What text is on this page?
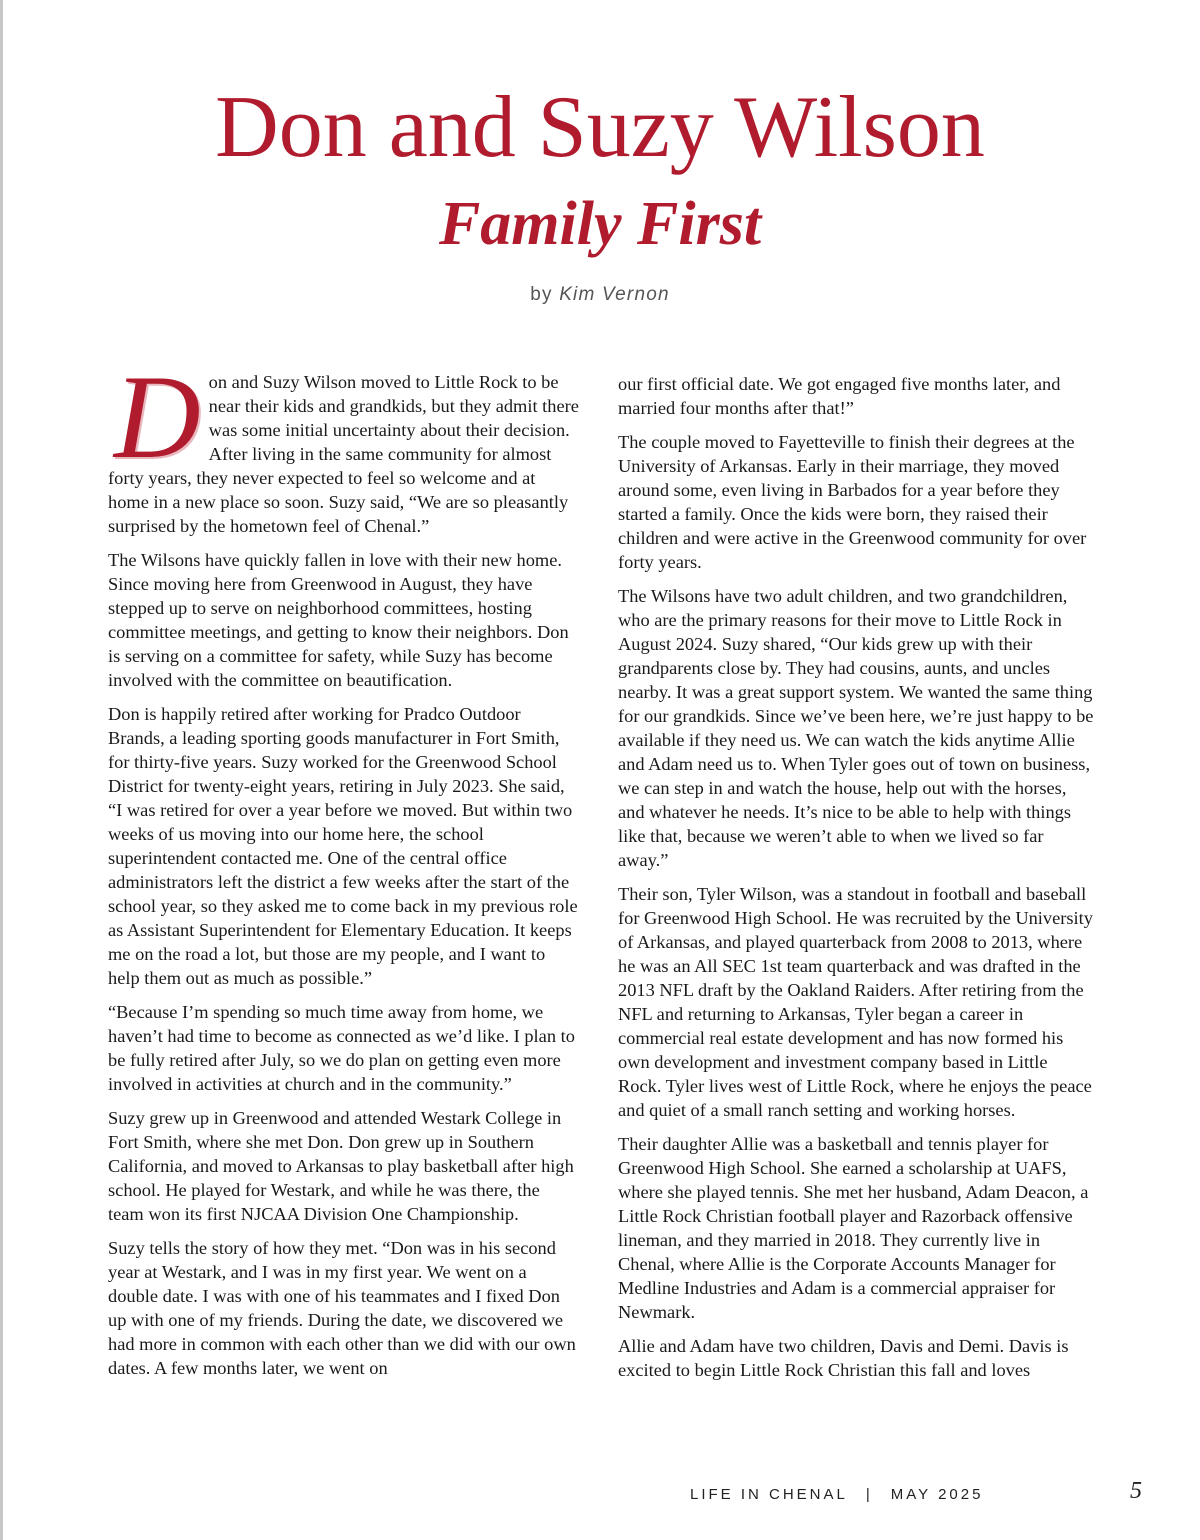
Don and Suzy Wilson
Family First
by Kim Vernon

Don and Suzy Wilson moved to Little Rock to be near their kids and grandkids, but they admit there was some initial uncertainty about their decision. After living in the same community for almost forty years, they never expected to feel so welcome and at home in a new place so soon. Suzy said, “We are so pleasantly surprised by the hometown feel of Chenal.”

The Wilsons have quickly fallen in love with their new home. Since moving here from Greenwood in August, they have stepped up to serve on neighborhood committees, hosting committee meetings, and getting to know their neighbors. Don is serving on a committee for safety, while Suzy has become involved with the committee on beautification.

Don is happily retired after working for Pradco Outdoor Brands, a leading sporting goods manufacturer in Fort Smith, for thirty-five years. Suzy worked for the Greenwood School District for twenty-eight years, retiring in July 2023. She said, “I was retired for over a year before we moved. But within two weeks of us moving into our home here, the school superintendent contacted me. One of the central office administrators left the district a few weeks after the start of the school year, so they asked me to come back in my previous role as Assistant Superintendent for Elementary Education. It keeps me on the road a lot, but those are my people, and I want to help them out as much as possible.”

“Because I’m spending so much time away from home, we haven’t had time to become as connected as we’d like. I plan to be fully retired after July, so we do plan on getting even more involved in activities at church and in the community.”

Suzy grew up in Greenwood and attended Westark College in Fort Smith, where she met Don. Don grew up in Southern California, and moved to Arkansas to play basketball after high school. He played for Westark, and while he was there, the team won its first NJCAA Division One Championship.

Suzy tells the story of how they met. “Don was in his second year at Westark, and I was in my first year. We went on a double date. I was with one of his teammates and I fixed Don up with one of my friends. During the date, we discovered we had more in common with each other than we did with our own dates. A few months later, we went on

our first official date. We got engaged five months later, and married four months after that!”

The couple moved to Fayetteville to finish their degrees at the University of Arkansas. Early in their marriage, they moved around some, even living in Barbados for a year before they started a family. Once the kids were born, they raised their children and were active in the Greenwood community for over forty years.

The Wilsons have two adult children, and two grandchildren, who are the primary reasons for their move to Little Rock in August 2024. Suzy shared, “Our kids grew up with their grandparents close by. They had cousins, aunts, and uncles nearby. It was a great support system. We wanted the same thing for our grandkids. Since we’ve been here, we’re just happy to be available if they need us. We can watch the kids anytime Allie and Adam need us to. When Tyler goes out of town on business, we can step in and watch the house, help out with the horses, and whatever he needs. It’s nice to be able to help with things like that, because we weren’t able to when we lived so far away.”

Their son, Tyler Wilson, was a standout in football and baseball for Greenwood High School. He was recruited by the University of Arkansas, and played quarterback from 2008 to 2013, where he was an All SEC 1st team quarterback and was drafted in the 2013 NFL draft by the Oakland Raiders. After retiring from the NFL and returning to Arkansas, Tyler began a career in commercial real estate development and has now formed his own development and investment company based in Little Rock. Tyler lives west of Little Rock, where he enjoys the peace and quiet of a small ranch setting and working horses.

Their daughter Allie was a basketball and tennis player for Greenwood High School. She earned a scholarship at UAFS, where she played tennis. She met her husband, Adam Deacon, a Little Rock Christian football player and Razorback offensive lineman, and they married in 2018. They currently live in Chenal, where Allie is the Corporate Accounts Manager for Medline Industries and Adam is a commercial appraiser for Newmark.

Allie and Adam have two children, Davis and Demi. Davis is excited to begin Little Rock Christian this fall and loves

LIFE IN CHENAL | MAY 2025	5
